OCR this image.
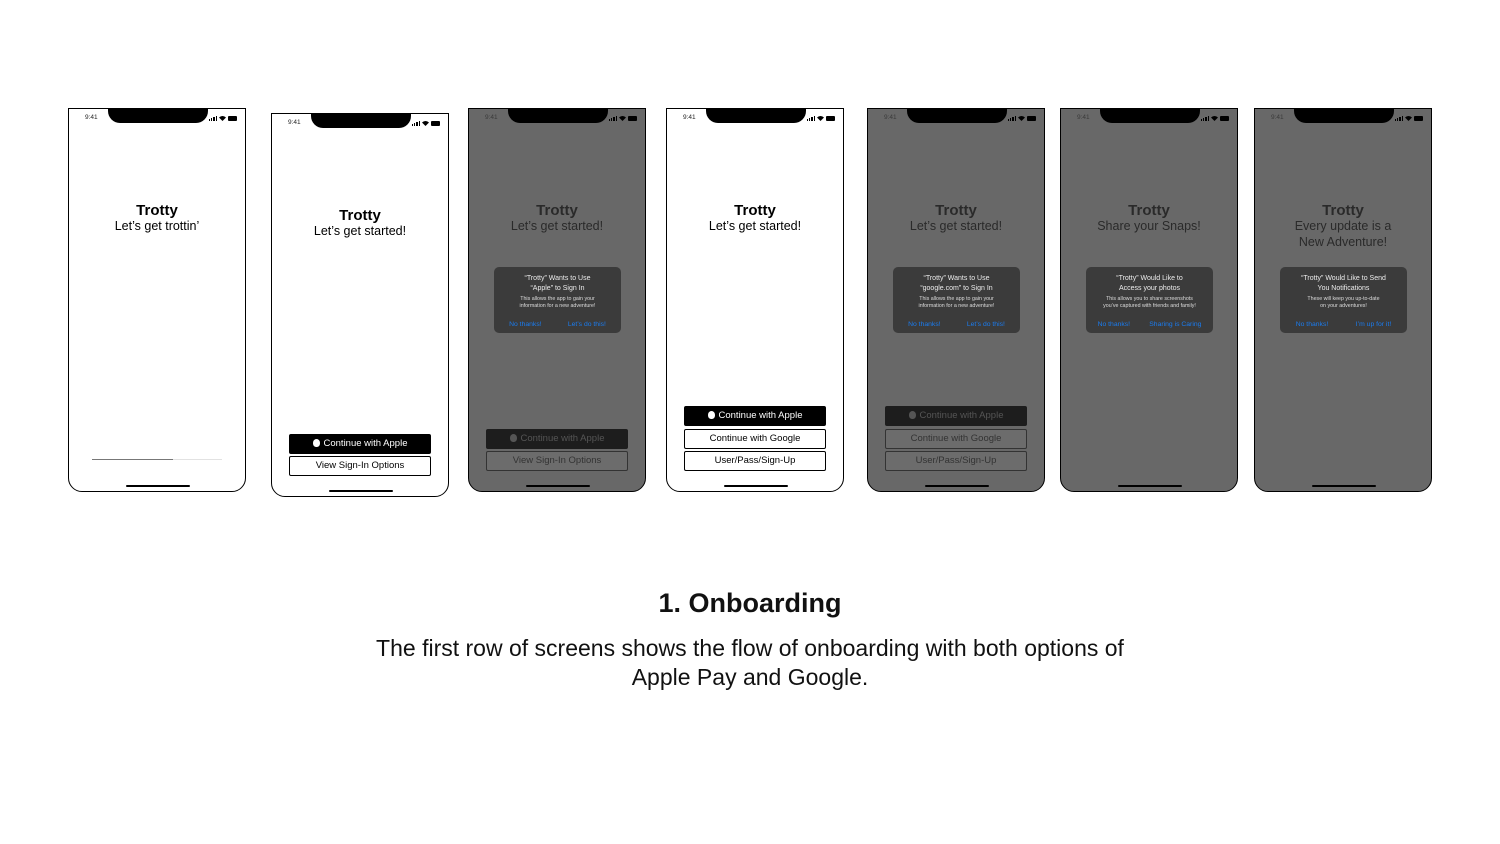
9:41
Trotty
Let’s get trottin’
9:41
Trotty
Let’s get started!
Continue with Apple
View Sign-In Options
9:41
Trotty
Let’s get started!
“Trotty” Wants to Use
“Apple” to Sign In
This allows the app to gain your
information for a new adventure!
No thanks!	Let’s do this!
Continue with Apple
View Sign-In Options
9:41
Trotty
Let’s get started!
Continue with Apple
Continue with Google
User/Pass/Sign-Up
9:41
Trotty
Let’s get started!
“Trotty” Wants to Use
“google.com” to Sign In
This allows the app to gain your
information for a new adventure!
No thanks!	Let’s do this!
Continue with Apple
Continue with Google
User/Pass/Sign-Up
9:41
Trotty
Share your Snaps!
“Trotty” Would Like to
Access your photos
This allows you to share screenshots
you’ve captured with friends and family!
No thanks!	Sharing is Caring
9:41
Trotty
Every update is a
New Adventure!
“Trotty” Would Like to Send
You Notifications
These will keep you up-to-date
on your adventures!
No thanks!	I’m up for it!
1. Onboarding
The first row of screens shows the flow of onboarding with both options of
Apple Pay and Google.
